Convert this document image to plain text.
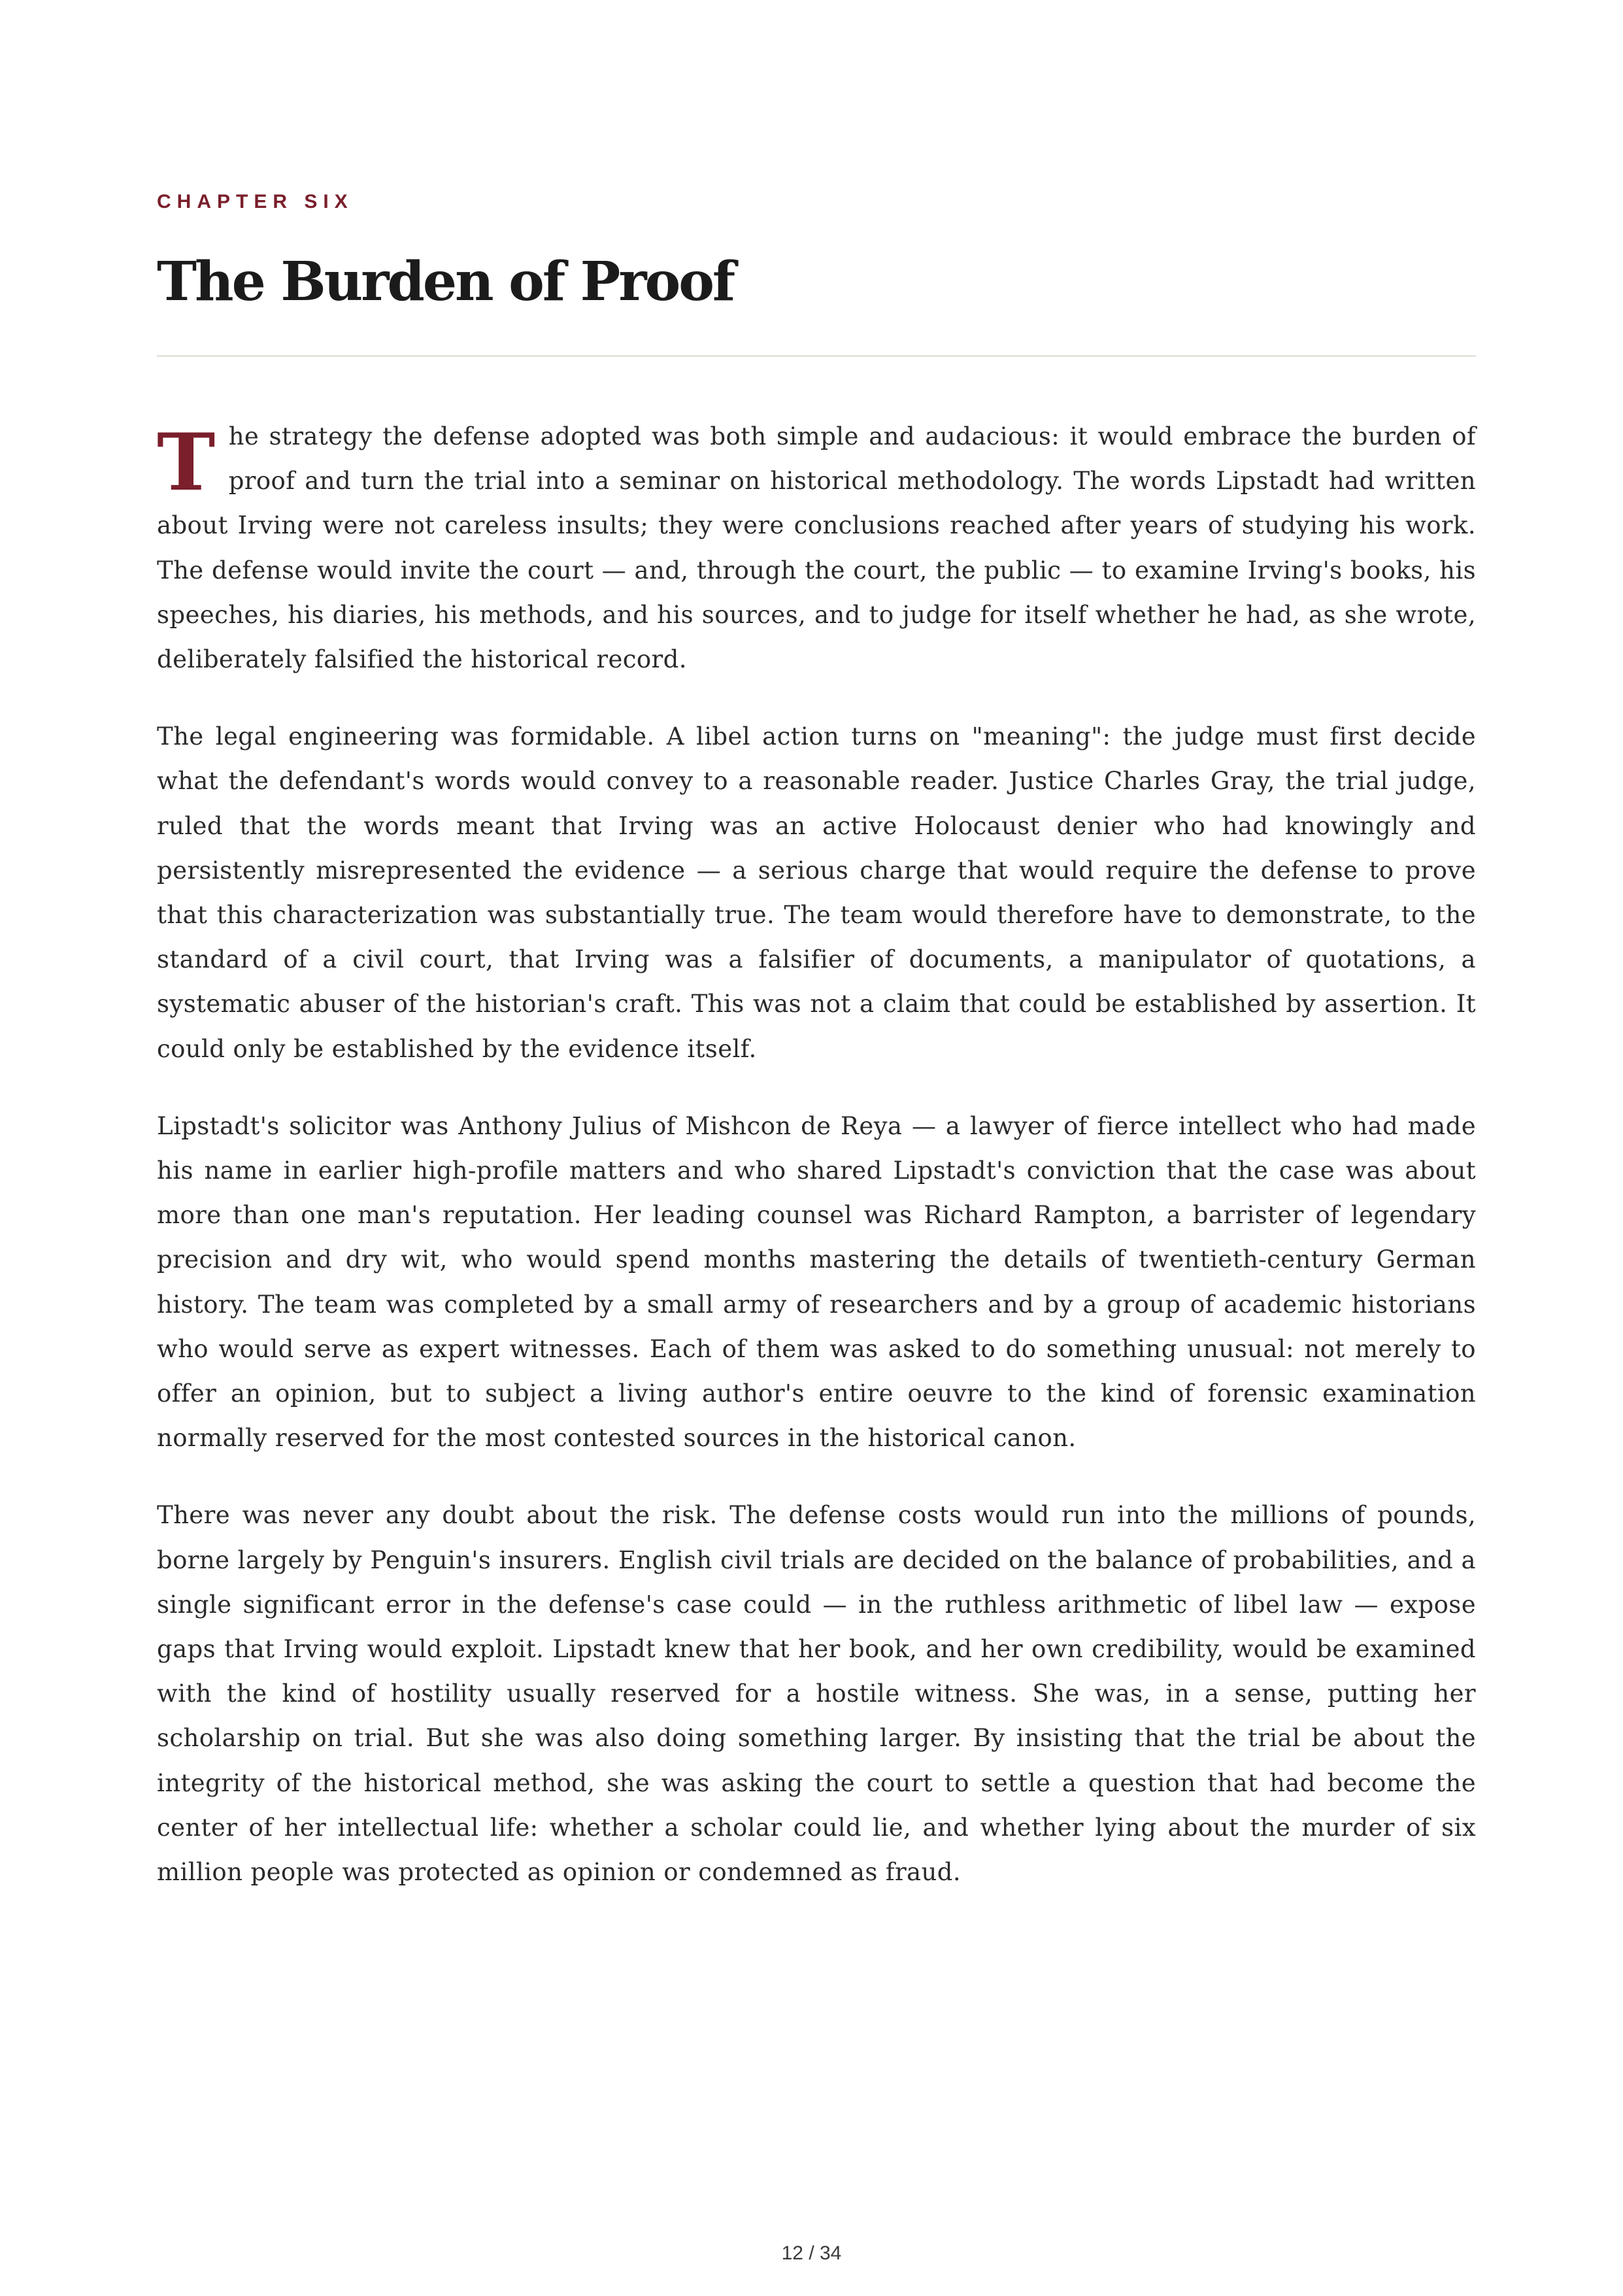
CHAPTER SIX
The Burden of Proof

The strategy the defense adopted was both simple and audacious: it would embrace the burden of proof and turn the trial into a seminar on historical methodology. The words Lipstadt had written about Irving were not careless insults; they were conclusions reached after years of studying his work. The defense would invite the court — and, through the court, the public — to examine Irving's books, his speeches, his diaries, his methods, and his sources, and to judge for itself whether he had, as she wrote, deliberately falsified the historical record.

The legal engineering was formidable. A libel action turns on "meaning": the judge must first decide what the defendant's words would convey to a reasonable reader. Justice Charles Gray, the trial judge, ruled that the words meant that Irving was an active Holocaust denier who had knowingly and persistently misrepresented the evidence — a serious charge that would require the defense to prove that this characterization was substantially true. The team would therefore have to demonstrate, to the standard of a civil court, that Irving was a falsifier of documents, a manipulator of quotations, a systematic abuser of the historian's craft. This was not a claim that could be established by assertion. It could only be established by the evidence itself.

Lipstadt's solicitor was Anthony Julius of Mishcon de Reya — a lawyer of fierce intellect who had made his name in earlier high-profile matters and who shared Lipstadt's conviction that the case was about more than one man's reputation. Her leading counsel was Richard Rampton, a barrister of legendary precision and dry wit, who would spend months mastering the details of twentieth-century German history. The team was completed by a small army of researchers and by a group of academic historians who would serve as expert witnesses. Each of them was asked to do something unusual: not merely to offer an opinion, but to subject a living author's entire oeuvre to the kind of forensic examination normally reserved for the most contested sources in the historical canon.

There was never any doubt about the risk. The defense costs would run into the millions of pounds, borne largely by Penguin's insurers. English civil trials are decided on the balance of probabilities, and a single significant error in the defense's case could — in the ruthless arithmetic of libel law — expose gaps that Irving would exploit. Lipstadt knew that her book, and her own credibility, would be examined with the kind of hostility usually reserved for a hostile witness. She was, in a sense, putting her scholarship on trial. But she was also doing something larger. By insisting that the trial be about the integrity of the historical method, she was asking the court to settle a question that had become the center of her intellectual life: whether a scholar could lie, and whether lying about the murder of six million people was protected as opinion or condemned as fraud.

12 / 34
